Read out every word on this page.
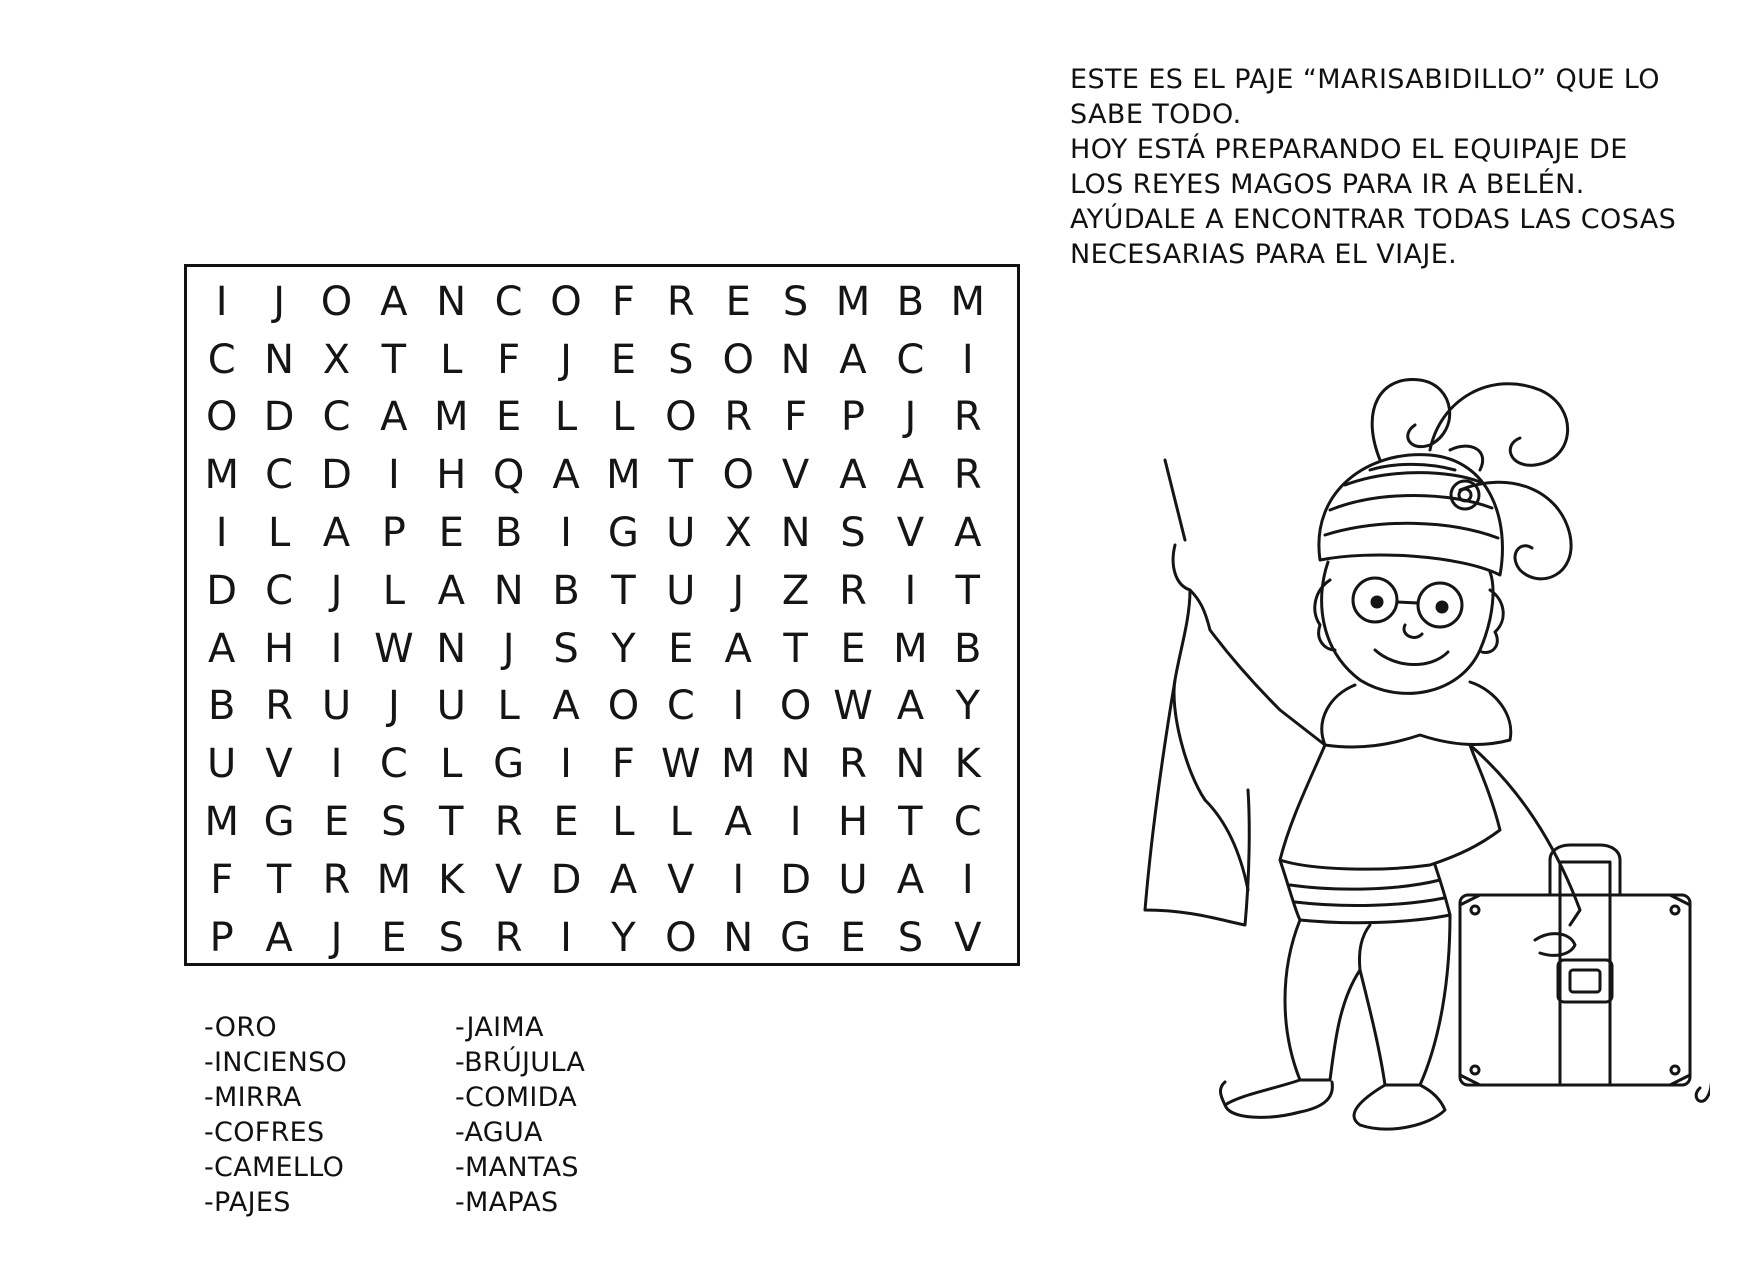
ESTE ES EL PAJE “MARISABIDILLO” QUE LO
SABE TODO.
HOY ESTÁ PREPARANDO EL EQUIPAJE DE
LOS REYES MAGOS PARA IR A BELÉN.
AYÚDALE A ENCONTRAR TODAS LAS COSAS
NECESARIAS PARA EL VIAJE.
I	J O A N C O F R E S M B M
C N X T L F J E S O N A C I
O D C A M E L L O R F P J R
M C D I H Q A M T O V A A R
I	L A P E B I G U X N S V A
D C J	L A N B T U J Z R I T
A H I W N J S Y E A T E M B
B R U J U L A O C I O W A Y
U V I C L G I F W M N R N K
M G E S T R E L L A I H T C
F T R M K V D A V I D U A I
P A J E S R I Y O N G E S V
-ORO
-INCIENSO
-MIRRA
-COFRES
-CAMELLO
-PAJES
-JAIMA
-BRÚJULA
-COMIDA
-AGUA
-MANTAS
-MAPAS
